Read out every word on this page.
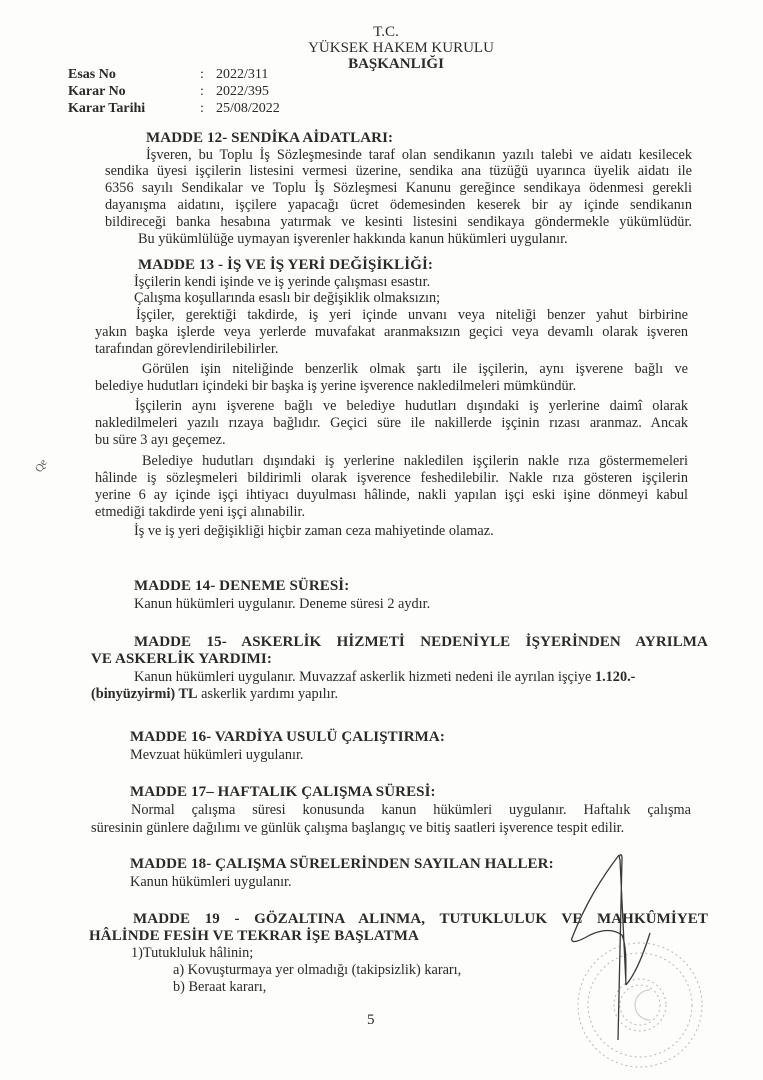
T.C.
YÜKSEK HAKEM KURULU
BAŞKANLIĞI
Esas No	: 2022/311
Karar No	: 2022/395
Karar Tarihi	: 25/08/2022
MADDE 12- SENDİKA AİDATLARI:
İşveren, bu Toplu İş Sözleşmesinde taraf olan sendikanın yazılı talebi ve aidatı kesilecek
sendika üyesi işçilerin listesini vermesi üzerine, sendika ana tüzüğü uyarınca üyelik aidatı ile
6356 sayılı Sendikalar ve Toplu İş Sözleşmesi Kanunu gereğince sendikaya ödenmesi gerekli
dayanışma aidatını, işçilere yapacağı ücret ödemesinden keserek bir ay içinde sendikanın
bildireceği banka hesabına yatırmak ve kesinti listesini sendikaya göndermekle yükümlüdür.
Bu yükümlülüğe uymayan işverenler hakkında kanun hükümleri uygulanır.
MADDE 13 - İŞ VE İŞ YERİ DEĞİŞİKLİĞİ:
İşçilerin kendi işinde ve iş yerinde çalışması esastır.
Çalışma koşullarında esaslı bir değişiklik olmaksızın;
İşçiler, gerektiği takdirde, iş yeri içinde unvanı veya niteliği benzer yahut birbirine
yakın başka işlerde veya yerlerde muvafakat aranmaksızın geçici veya devamlı olarak işveren
tarafından görevlendirilebilirler.
Görülen işin niteliğinde benzerlik olmak şartı ile işçilerin, aynı işverene bağlı ve
belediye hudutları içindeki bir başka iş yerine işverence nakledilmeleri mümkündür.
İşçilerin aynı işverene bağlı ve belediye hudutları dışındaki iş yerlerine daimî olarak
nakledilmeleri yazılı rızaya bağlıdır. Geçici süre ile nakillerde işçinin rızası aranmaz. Ancak
bu süre 3 ayı geçemez.
Belediye hudutları dışındaki iş yerlerine nakledilen işçilerin nakle rıza göstermemeleri
hâlinde iş sözleşmeleri bildirimli olarak işverence feshedilebilir. Nakle rıza gösteren işçilerin
yerine 6 ay içinde işçi ihtiyacı duyulması hâlinde, nakli yapılan işçi eski işine dönmeyi kabul
etmediği takdirde yeni işçi alınabilir.
İş ve iş yeri değişikliği hiçbir zaman ceza mahiyetinde olamaz.
MADDE 14- DENEME SÜRESİ:
Kanun hükümleri uygulanır. Deneme süresi 2 aydır.
MADDE 15- ASKERLİK HİZMETİ NEDENİYLE İŞYERİNDEN AYRILMA
VE ASKERLİK YARDIMI:
Kanun hükümleri uygulanır. Muvazzaf askerlik hizmeti nedeni ile ayrılan işçiye 1.120.-
(binyüzyirmi) TL askerlik yardımı yapılır.
MADDE 16- VARDİYA USULÜ ÇALIŞTIRMA:
Mevzuat hükümleri uygulanır.
MADDE 17– HAFTALIK ÇALIŞMA SÜRESİ:
Normal çalışma süresi konusunda kanun hükümleri uygulanır. Haftalık çalışma
süresinin günlere dağılımı ve günlük çalışma başlangıç ve bitiş saatleri işverence tespit edilir.
MADDE 18- ÇALIŞMA SÜRELERİNDEN SAYILAN HALLER:
Kanun hükümleri uygulanır.
MADDE 19 - GÖZALTINA ALINMA, TUTUKLULUK VE MAHKÛMİYET
HÂLİNDE FESİH VE TEKRAR İŞE BAŞLATMA
1)Tutukluluk hâlinin;
a) Kovuşturmaya yer olmadığı (takipsizlik) kararı,
b) Beraat kararı,
Qe
5
